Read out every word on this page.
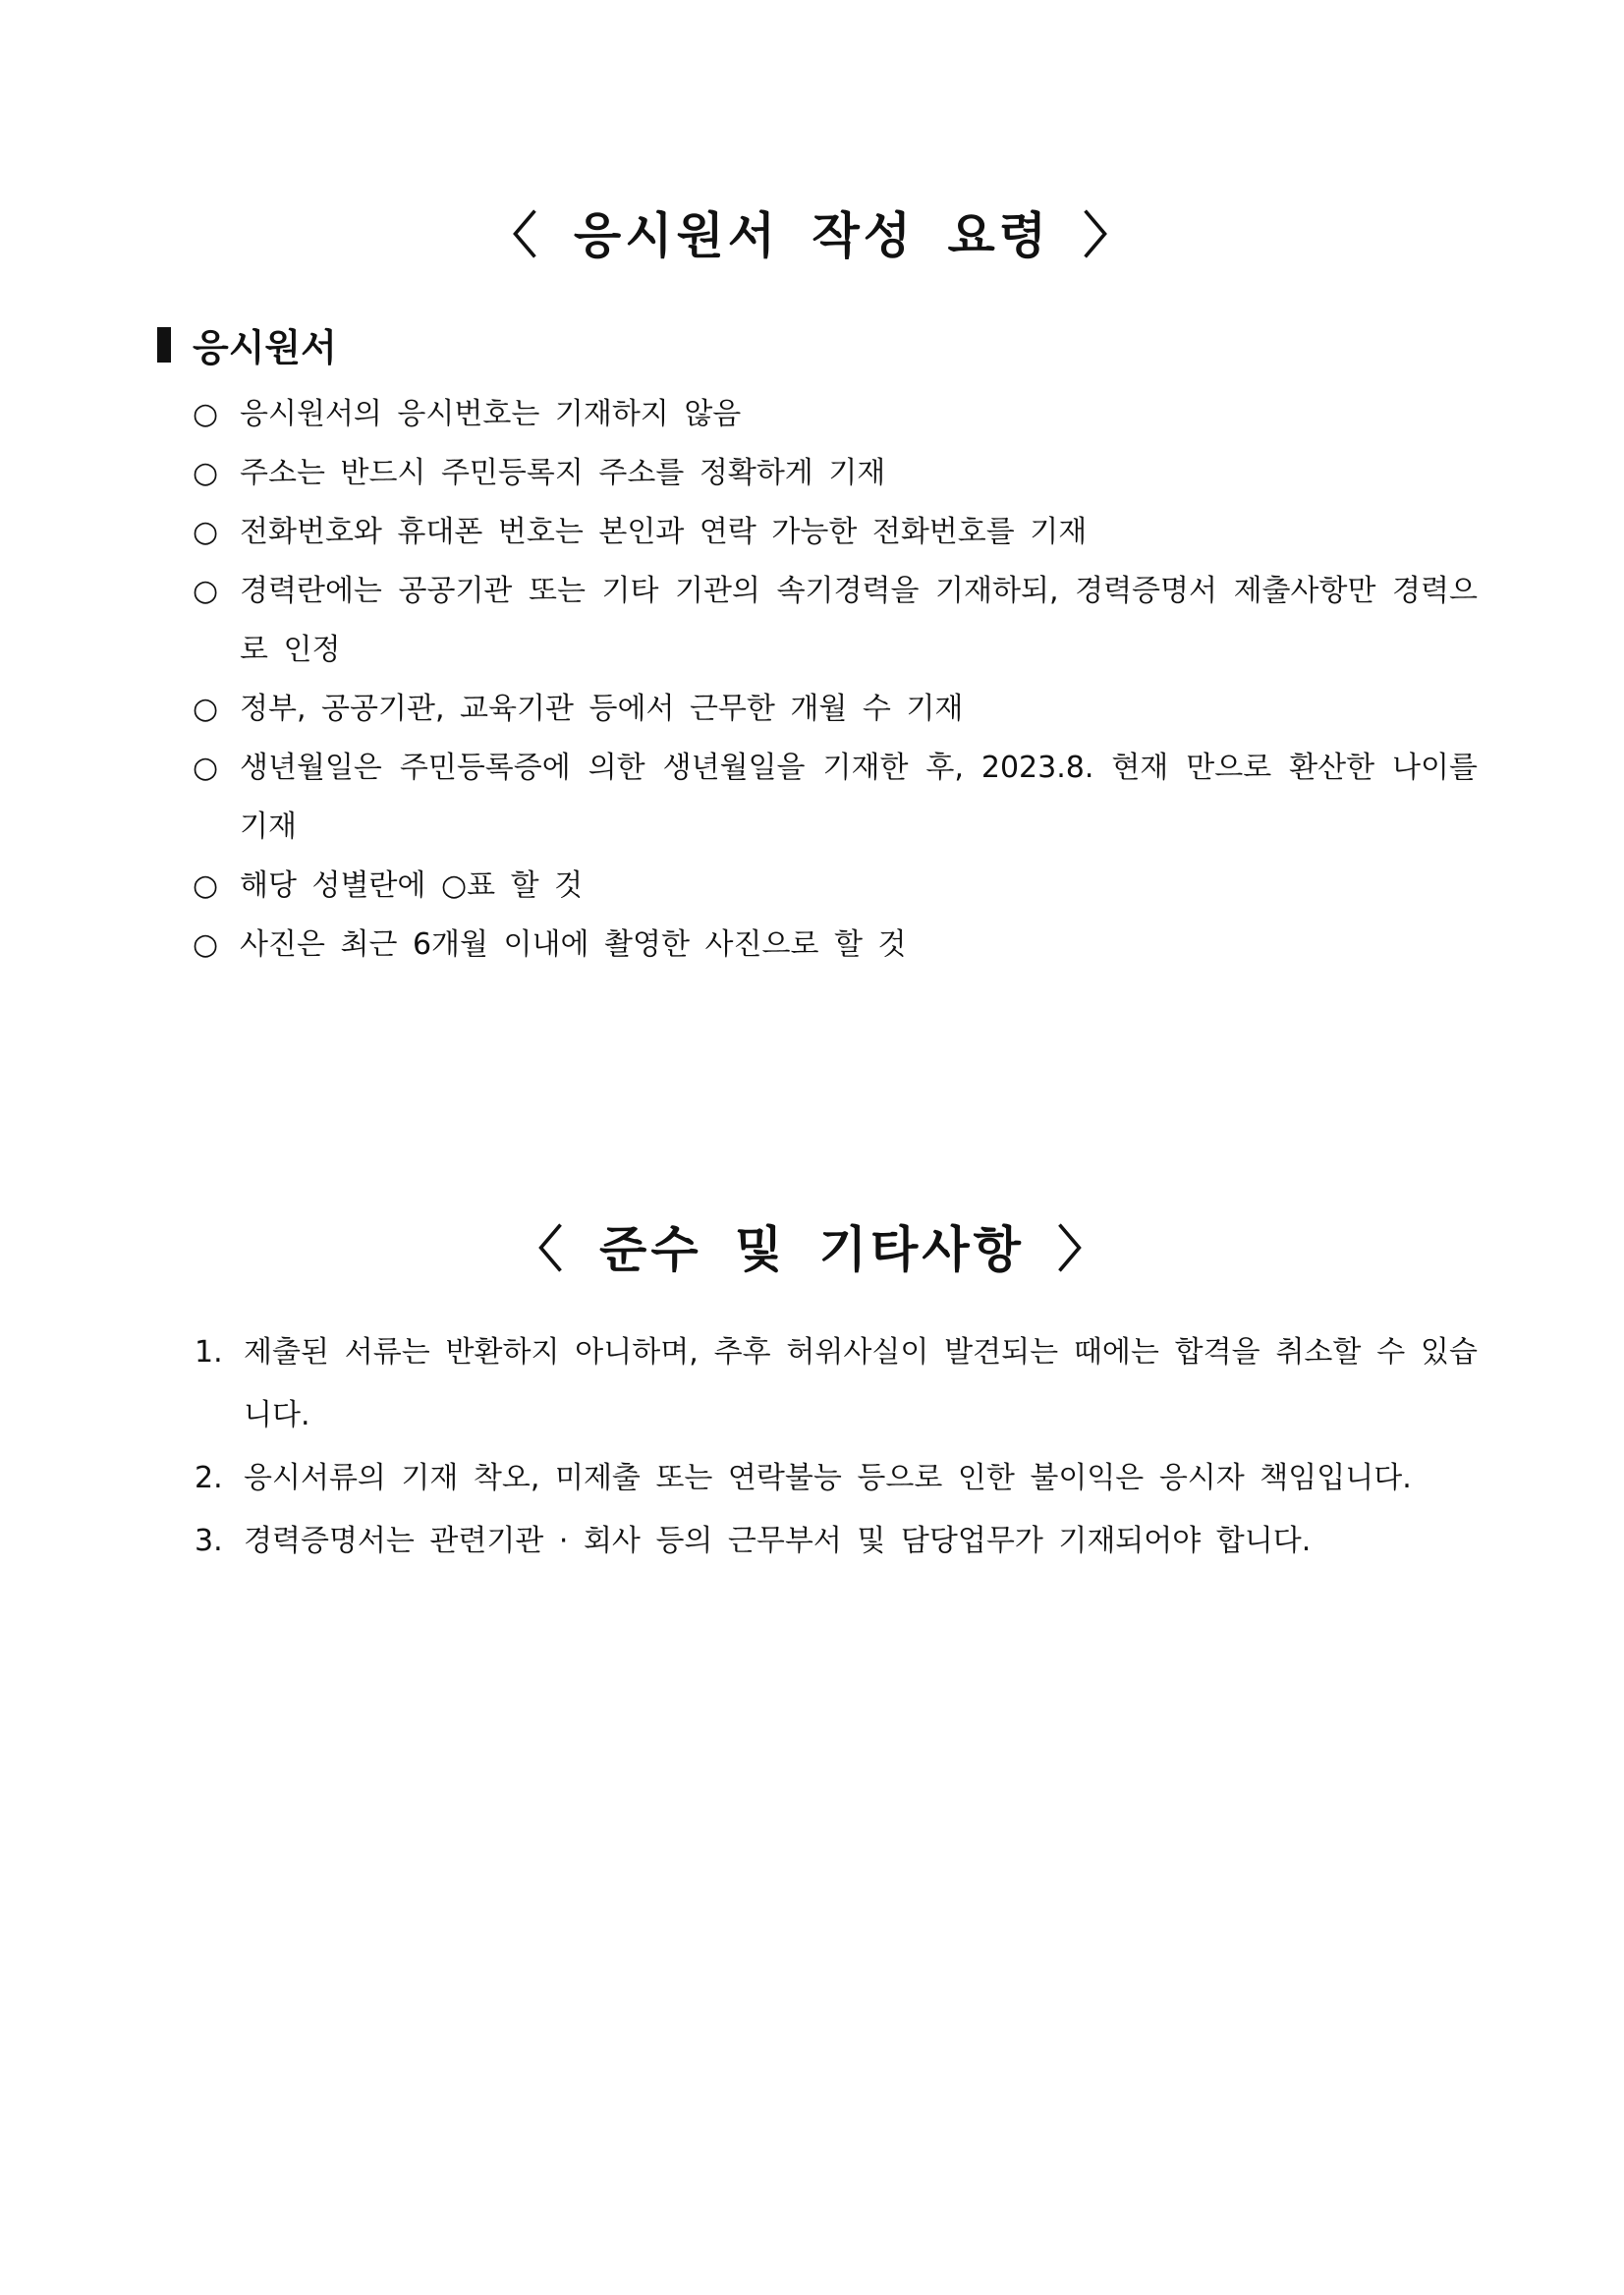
〈 응시원서 작성 요령 〉
응시원서
○ 응시원서의 응시번호는 기재하지 않음
○ 주소는 반드시 주민등록지 주소를 정확하게 기재
○ 전화번호와 휴대폰 번호는 본인과 연락 가능한 전화번호를 기재
○ 경력란에는 공공기관 또는 기타 기관의 속기경력을 기재하되, 경력증명서 제출사항만 경력으로 인정
○ 정부, 공공기관, 교육기관 등에서 근무한 개월 수 기재
○ 생년월일은 주민등록증에 의한 생년월일을 기재한 후, 2023.8. 현재 만으로 환산한 나이를 기재
○ 해당 성별란에 ○표 할 것
○ 사진은 최근 6개월 이내에 촬영한 사진으로 할 것
〈 준수 및 기타사항 〉
1. 제출된 서류는 반환하지 아니하며, 추후 허위사실이 발견되는 때에는 합격을 취소할 수 있습니다.
2. 응시서류의 기재 착오, 미제출 또는 연락불능 등으로 인한 불이익은 응시자 책임입니다.
3. 경력증명서는 관련기관 · 회사 등의 근무부서 및 담당업무가 기재되어야 합니다.
